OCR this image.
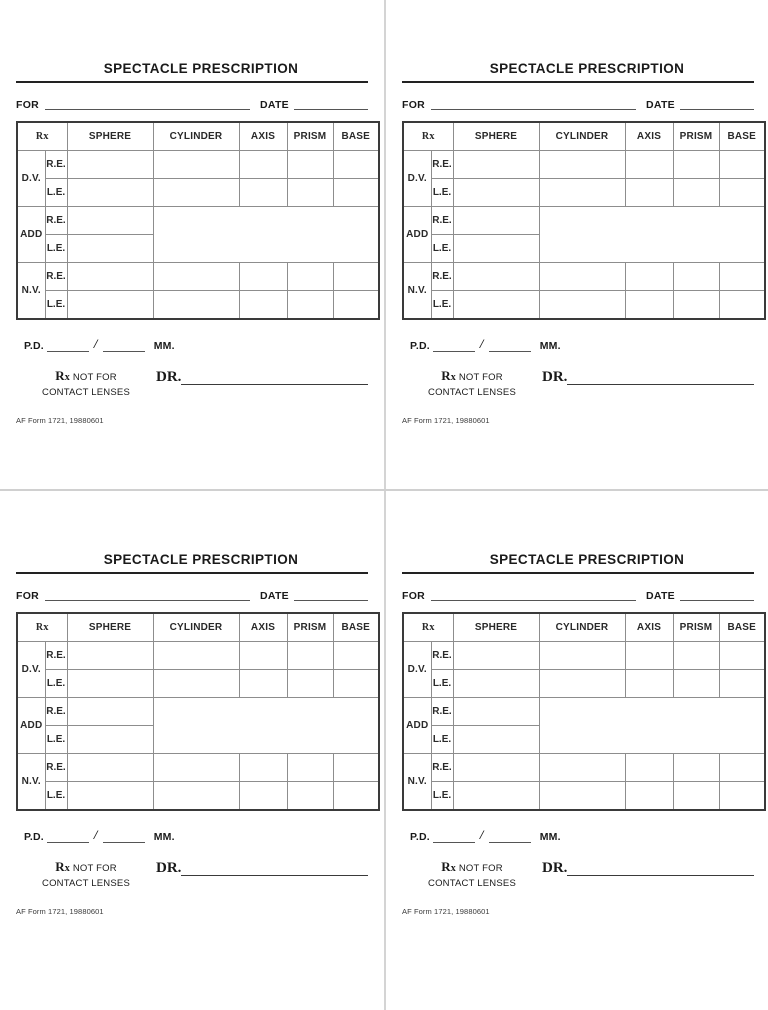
SPECTACLE PRESCRIPTION
FOR	DATE
Rx		SPHERE	CYLINDER	AXIS	PRISM	BASE
D.V.	R.E.					
	L.E.					
ADD	R.E.					
	L.E.					
N.V.	R.E.					
	L.E.					
P.D.	/	MM.
Rx NOT FOR
CONTACT LENSES
DR.
AF Form 1721, 19880601
SPECTACLE PRESCRIPTION
FOR	DATE
Rx		SPHERE	CYLINDER	AXIS	PRISM	BASE
D.V.	R.E.					
	L.E.					
ADD	R.E.					
	L.E.					
N.V.	R.E.					
	L.E.					
P.D.	/	MM.
Rx NOT FOR
CONTACT LENSES
DR.
AF Form 1721, 19880601
SPECTACLE PRESCRIPTION
FOR	DATE
Rx		SPHERE	CYLINDER	AXIS	PRISM	BASE
D.V.	R.E.					
	L.E.					
ADD	R.E.					
	L.E.					
N.V.	R.E.					
	L.E.					
P.D.	/	MM.
Rx NOT FOR
CONTACT LENSES
DR.
AF Form 1721, 19880601
SPECTACLE PRESCRIPTION
FOR	DATE
Rx		SPHERE	CYLINDER	AXIS	PRISM	BASE
D.V.	R.E.					
	L.E.					
ADD	R.E.					
	L.E.					
N.V.	R.E.					
	L.E.					
P.D.	/	MM.
Rx NOT FOR
CONTACT LENSES
DR.
AF Form 1721, 19880601
